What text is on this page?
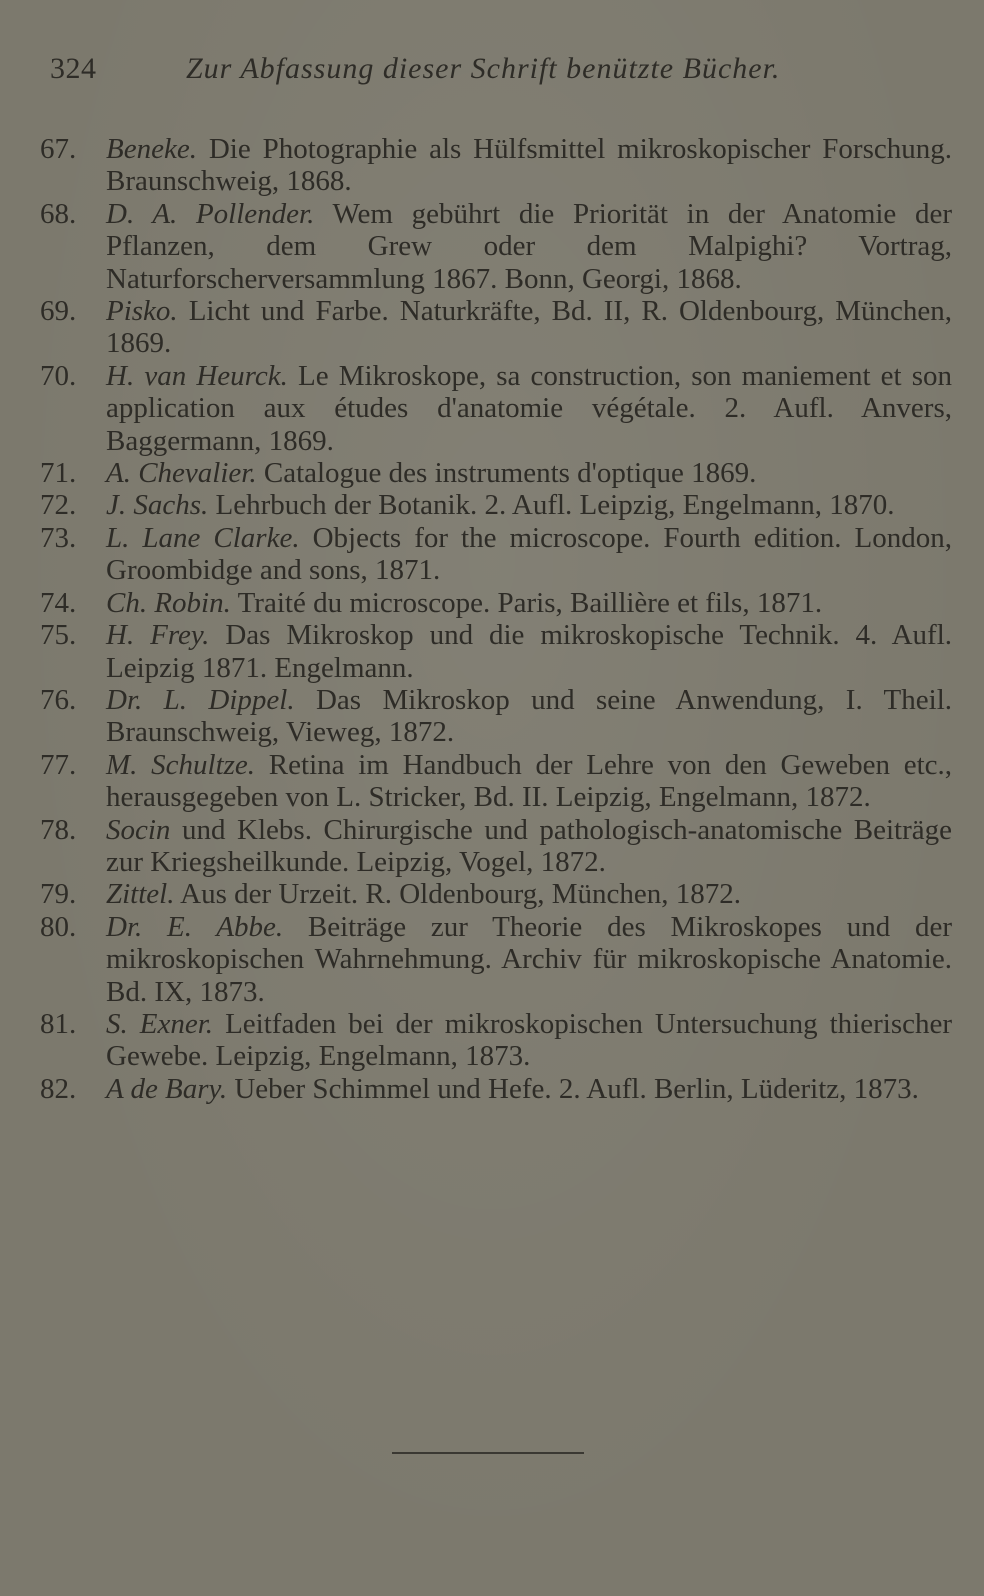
324	Zur Abfassung dieser Schrift benützte Bücher.
67. Beneke. Die Photographie als Hülfsmittel mikroskopischer Forschung. Braunschweig, 1868.
68. D. A. Pollender. Wem gebührt die Priorität in der Anatomie der Pflanzen, dem Grew oder dem Malpighi? Vortrag, Naturforscherversammlung 1867. Bonn, Georgi, 1868.
69. Pisko. Licht und Farbe. Naturkräfte, Bd. II, R. Oldenbourg, München, 1869.
70. H. van Heurck. Le Mikroskope, sa construction, son maniement et son application aux études d'anatomie végétale. 2. Aufl. Anvers, Baggermann, 1869.
71. A. Chevalier. Catalogue des instruments d'optique 1869.
72. J. Sachs. Lehrbuch der Botanik. 2. Aufl. Leipzig, Engelmann, 1870.
73. L. Lane Clarke. Objects for the microscope. Fourth edition. London, Groombidge and sons, 1871.
74. Ch. Robin. Traité du microscope. Paris, Baillière et fils, 1871.
75. H. Frey. Das Mikroskop und die mikroskopische Technik. 4. Aufl. Leipzig 1871. Engelmann.
76. Dr. L. Dippel. Das Mikroskop und seine Anwendung, I. Theil. Braunschweig, Vieweg, 1872.
77. M. Schultze. Retina im Handbuch der Lehre von den Geweben etc., herausgegeben von L. Stricker, Bd. II. Leipzig, Engelmann, 1872.
78. Socin und Klebs. Chirurgische und pathologisch-anatomische Beiträge zur Kriegsheilkunde. Leipzig, Vogel, 1872.
79. Zittel. Aus der Urzeit. R. Oldenbourg, München, 1872.
80. Dr. E. Abbe. Beiträge zur Theorie des Mikroskopes und der mikroskopischen Wahrnehmung. Archiv für mikroskopische Anatomie. Bd. IX, 1873.
81. S. Exner. Leitfaden bei der mikroskopischen Untersuchung thierischer Gewebe. Leipzig, Engelmann, 1873.
82. A de Bary. Ueber Schimmel und Hefe. 2. Aufl. Berlin, Lüderitz, 1873.
